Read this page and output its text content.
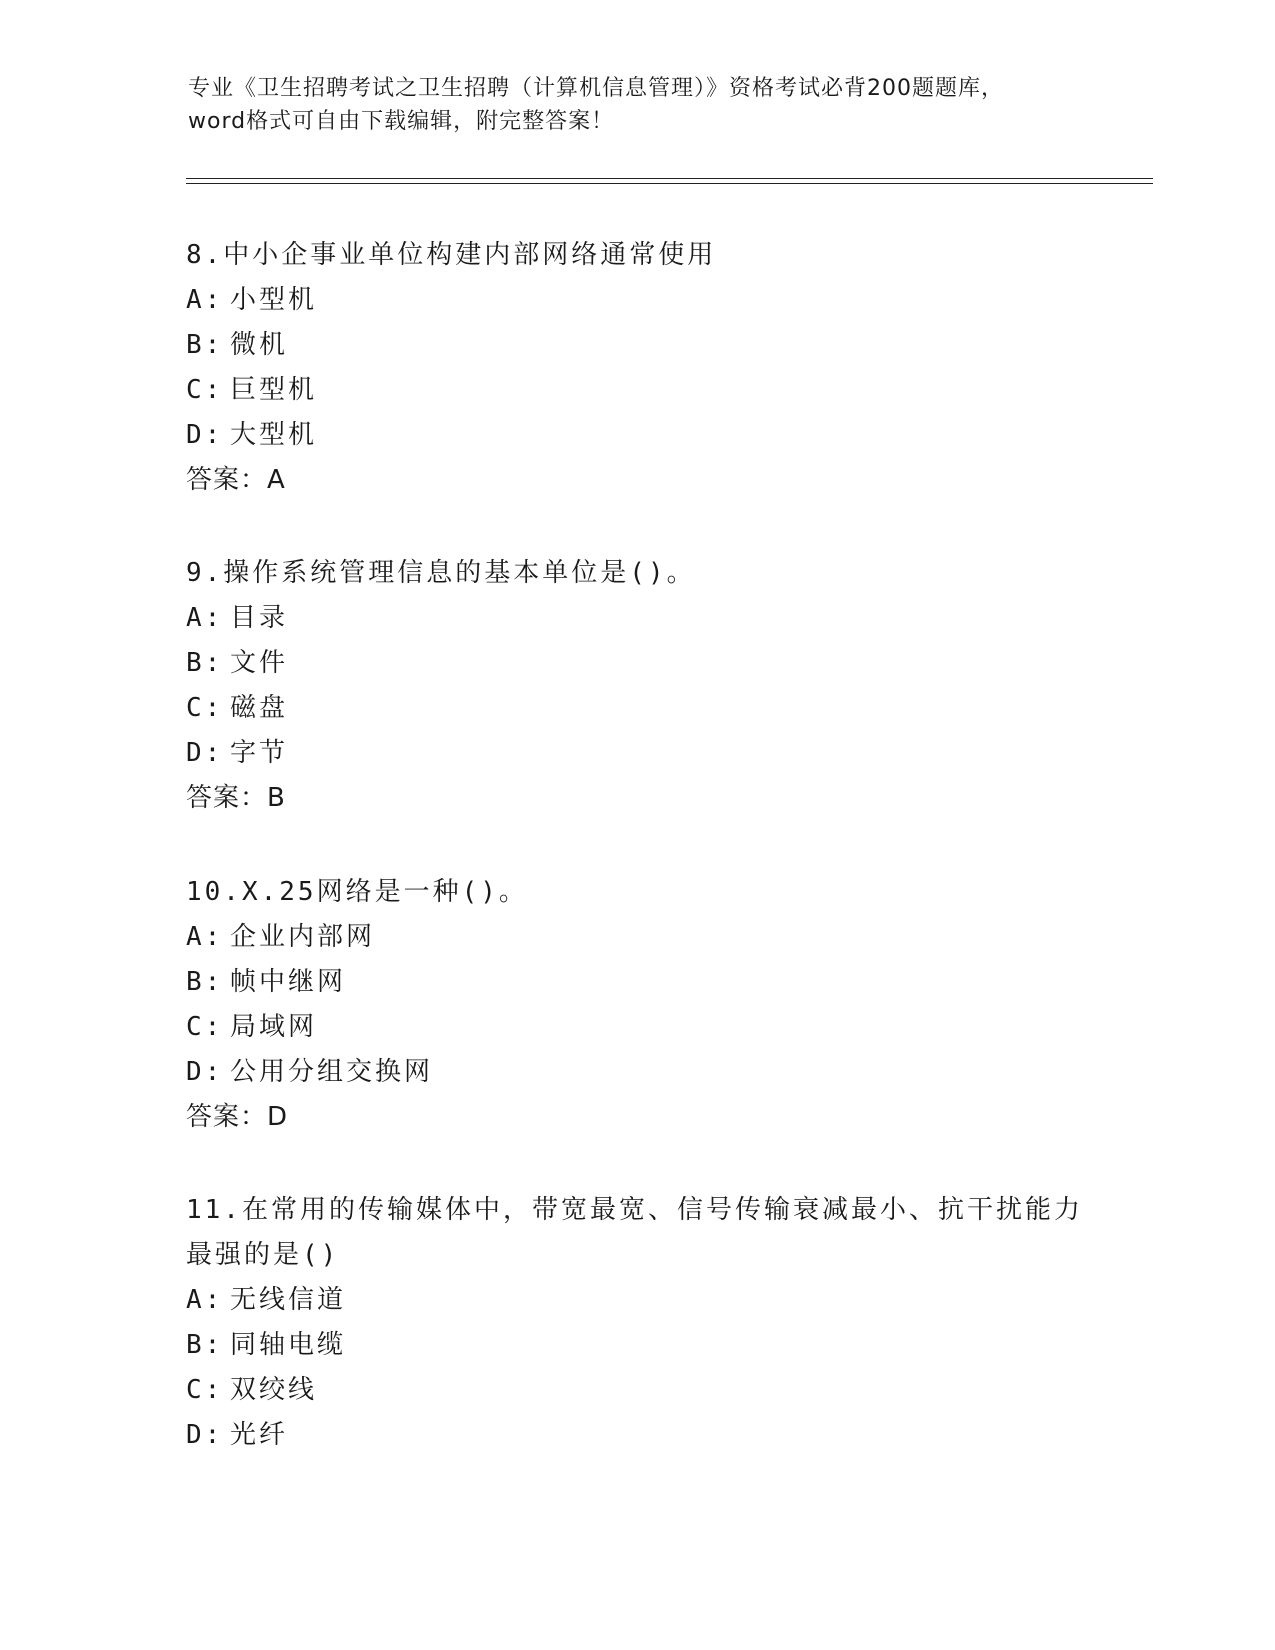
专业《卫生招聘考试之卫生招聘（计算机信息管理）》资格考试必背200题题库，
word格式可自由下载编辑，附完整答案！
8.中小企事业单位构建内部网络通常使用
A: 小型机
B: 微机
C: 巨型机
D: 大型机
答案：A
9.操作系统管理信息的基本单位是()。
A: 目录
B: 文件
C: 磁盘
D: 字节
答案：B
10.X.25网络是一种()。
A: 企业内部网
B: 帧中继网
C: 局域网
D: 公用分组交换网
答案：D
11.在常用的传输媒体中，带宽最宽、信号传输衰减最小、抗干扰能力
最强的是()
A: 无线信道
B: 同轴电缆
C: 双绞线
D: 光纤
